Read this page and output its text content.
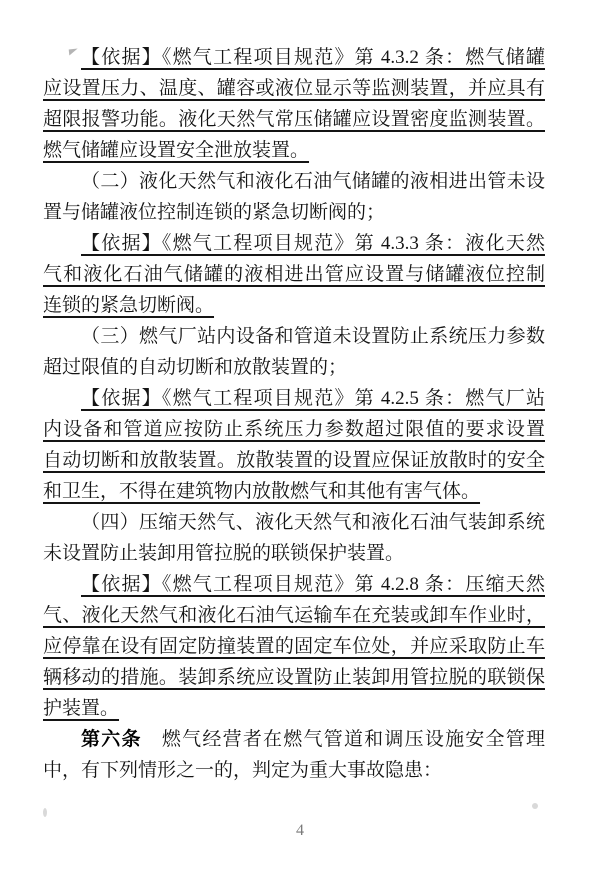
【依据】《燃气工程项目规范》第 4.3.2 条：燃气储罐
应设置压力、温度、罐容或液位显示等监测装置，并应具有
超限报警功能。液化天然气常压储罐应设置密度监测装置。
燃气储罐应设置安全泄放装置。
（二）液化天然气和液化石油气储罐的液相进出管未设
置与储罐液位控制连锁的紧急切断阀的；
【依据】《燃气工程项目规范》第 4.3.3 条：液化天然
气和液化石油气储罐的液相进出管应设置与储罐液位控制
连锁的紧急切断阀。
（三）燃气厂站内设备和管道未设置防止系统压力参数
超过限值的自动切断和放散装置的；
【依据】《燃气工程项目规范》第 4.2.5 条：燃气厂站
内设备和管道应按防止系统压力参数超过限值的要求设置
自动切断和放散装置。放散装置的设置应保证放散时的安全
和卫生，不得在建筑物内放散燃气和其他有害气体。
（四）压缩天然气、液化天然气和液化石油气装卸系统
未设置防止装卸用管拉脱的联锁保护装置。
【依据】《燃气工程项目规范》第 4.2.8 条：压缩天然
气、液化天然气和液化石油气运输车在充装或卸车作业时，
应停靠在设有固定防撞装置的固定车位处，并应采取防止车
辆移动的措施。装卸系统应设置防止装卸用管拉脱的联锁保
护装置。
第六条　燃气经营者在燃气管道和调压设施安全管理
中，有下列情形之一的，判定为重大事故隐患：
4
